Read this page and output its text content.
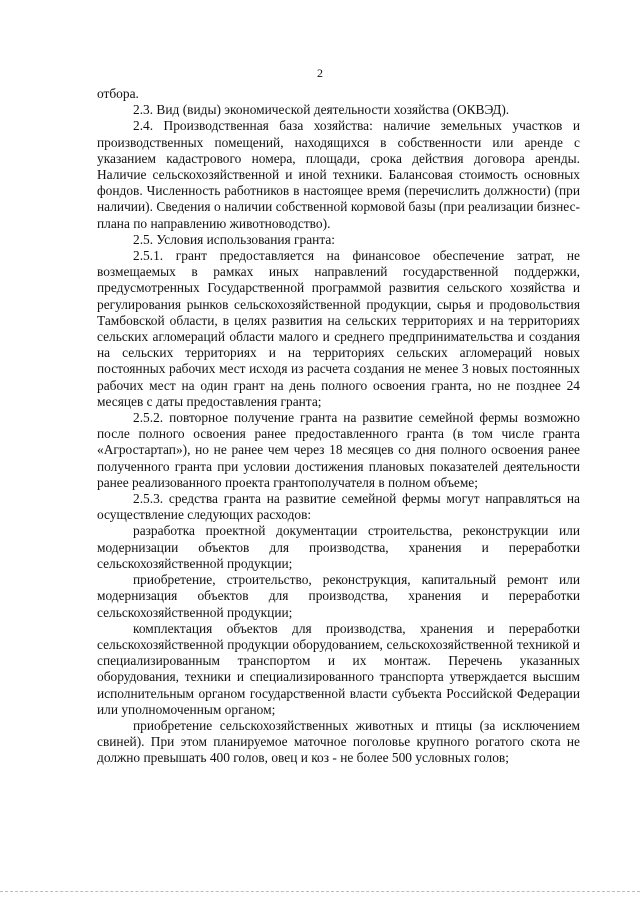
2

отбора.

2.3. Вид (виды) экономической деятельности хозяйства (ОКВЭД).

2.4. Производственная база хозяйства: наличие земельных участков и производственных помещений, находящихся в собственности или аренде с указанием кадастрового номера, площади, срока действия договора аренды. Наличие сельскохозяйственной и иной техники. Балансовая стоимость основных фондов. Численность работников в настоящее время (перечислить должности) (при наличии). Сведения о наличии собственной кормовой базы (при реализации бизнес-плана по направлению животноводство).

2.5. Условия использования гранта:

2.5.1. грант предоставляется на финансовое обеспечение затрат, не возмещаемых в рамках иных направлений государственной поддержки, предусмотренных Государственной программой развития сельского хозяйства и регулирования рынков сельскохозяйственной продукции, сырья и продовольствия Тамбовской области, в целях развития на сельских территориях и на территориях сельских агломераций области малого и среднего предпринимательства и создания на сельских территориях и на территориях сельских агломераций новых постоянных рабочих мест исходя из расчета создания не менее 3 новых постоянных рабочих мест на один грант на день полного освоения гранта, но не позднее 24 месяцев с даты предоставления гранта;

2.5.2. повторное получение гранта на развитие семейной фермы возможно после полного освоения ранее предоставленного гранта (в том числе гранта «Агростартап»), но не ранее чем через 18 месяцев со дня полного освоения ранее полученного гранта при условии достижения плановых показателей деятельности ранее реализованного проекта грантополучателя в полном объеме;

2.5.3. средства гранта на развитие семейной фермы могут направляться на осуществление следующих расходов:

разработка проектной документации строительства, реконструкции или модернизации объектов для производства, хранения и переработки сельскохозяйственной продукции;

приобретение, строительство, реконструкция, капитальный ремонт или модернизация объектов для производства, хранения и переработки сельскохозяйственной продукции;

комплектация объектов для производства, хранения и переработки сельскохозяйственной продукции оборудованием, сельскохозяйственной техникой и специализированным транспортом и их монтаж. Перечень указанных оборудования, техники и специализированного транспорта утверждается высшим исполнительным органом государственной власти субъекта Российской Федерации или уполномоченным органом;

приобретение сельскохозяйственных животных и птицы (за исключением свиней). При этом планируемое маточное поголовье крупного рогатого скота не должно превышать 400 голов, овец и коз - не более 500 условных голов;
